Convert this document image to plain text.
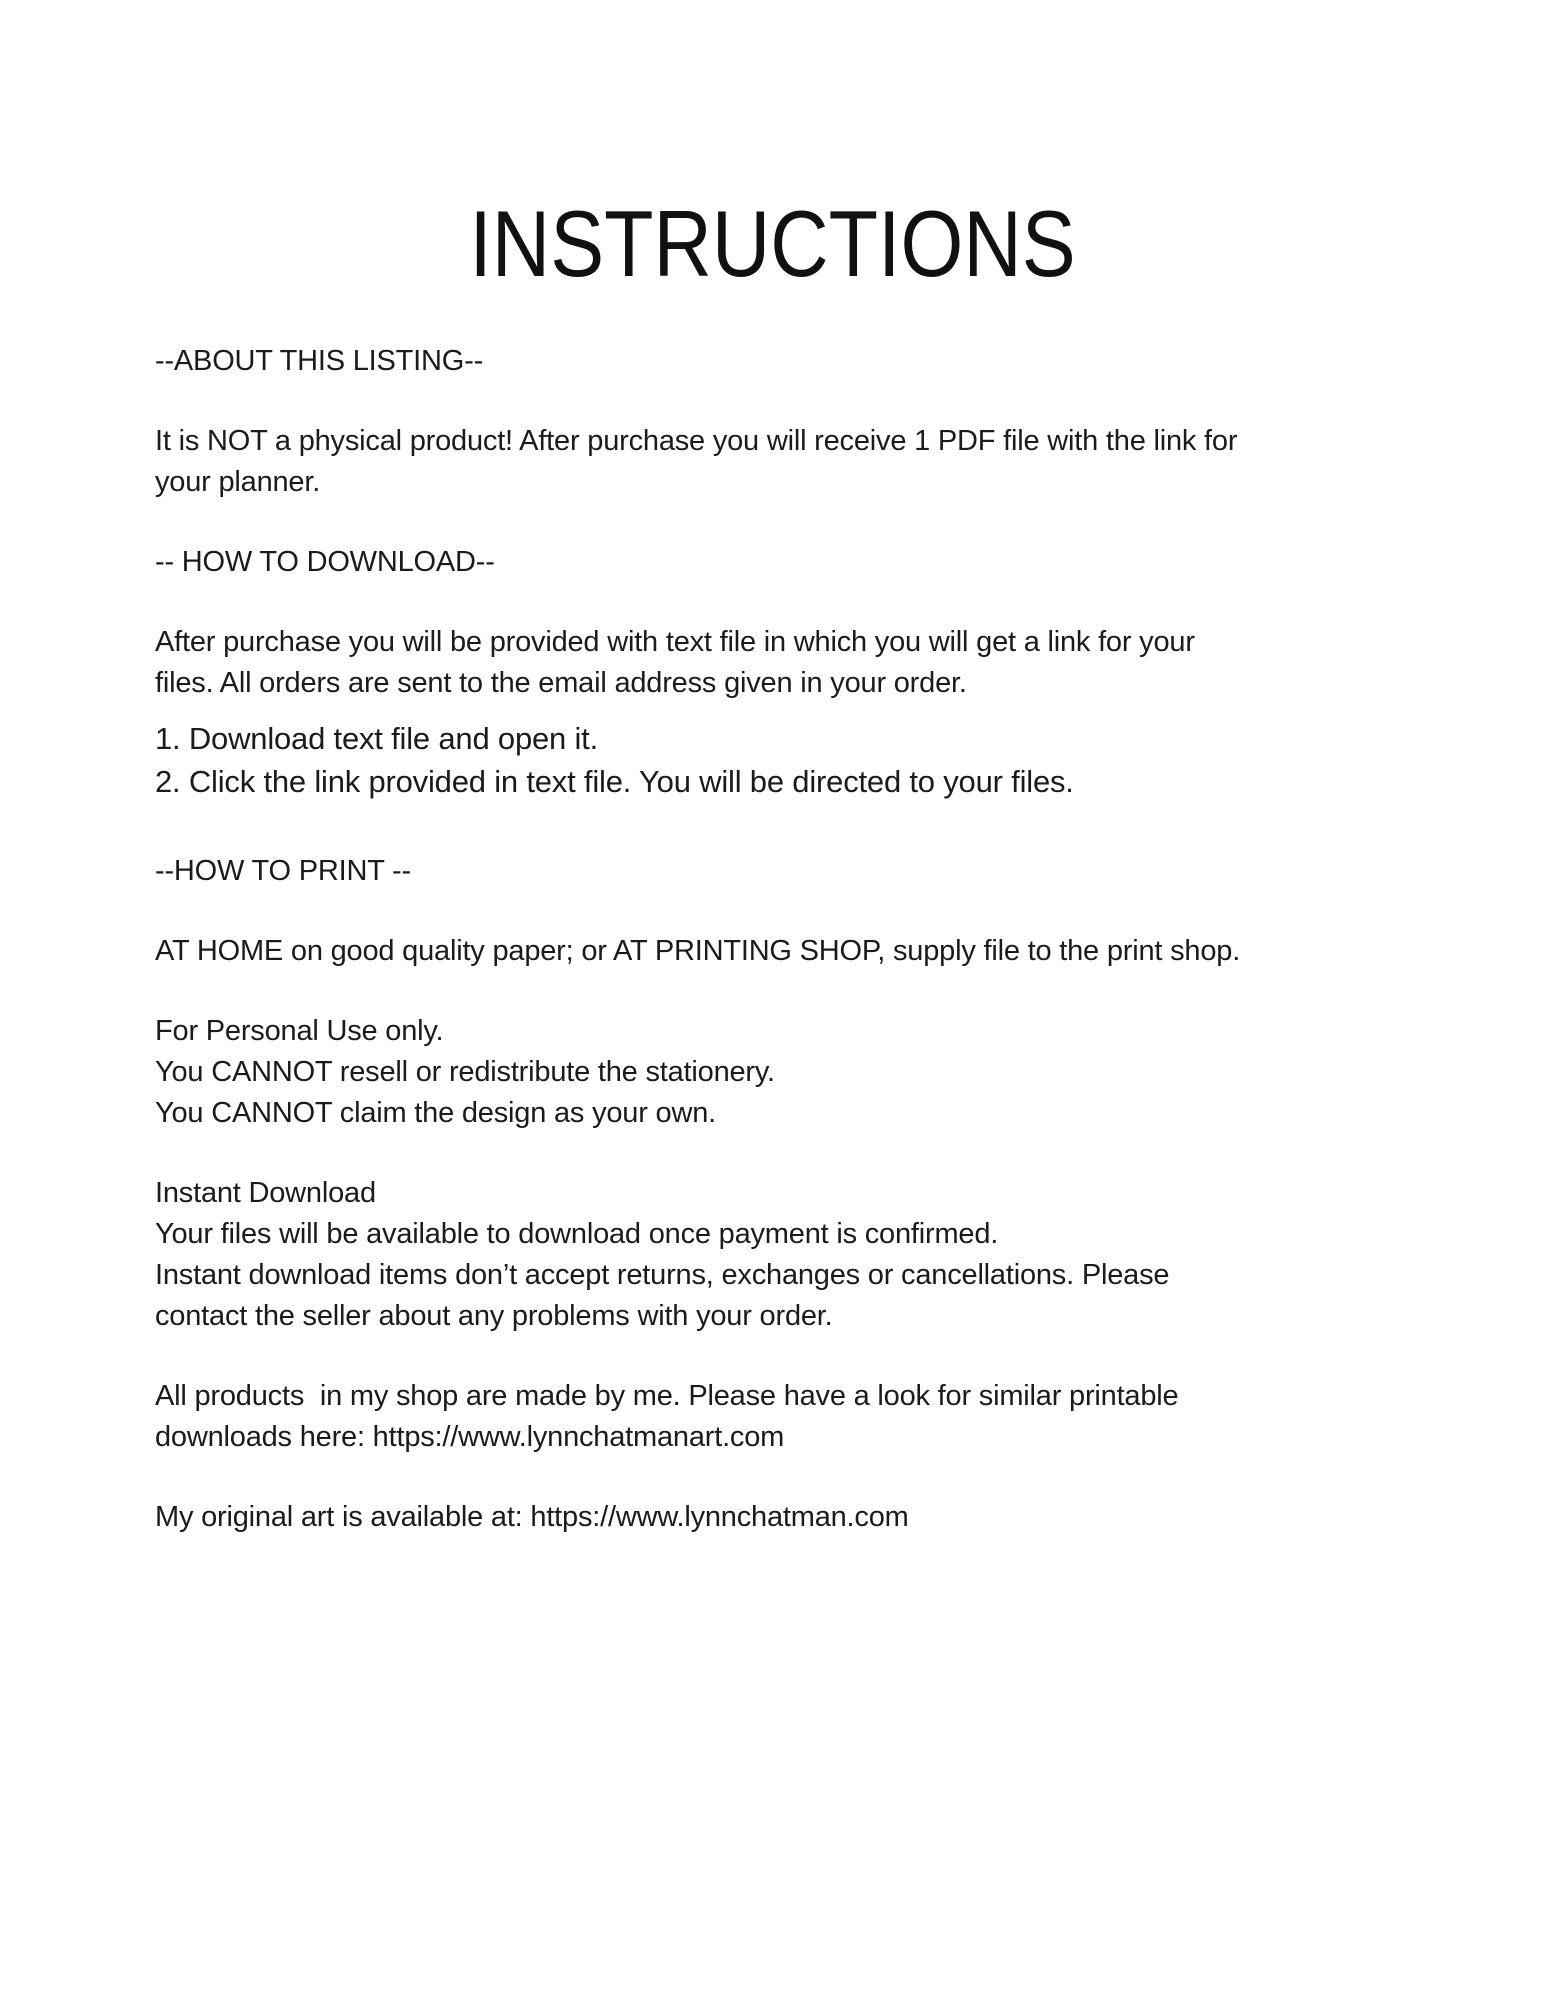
INSTRUCTIONS
--ABOUT THIS LISTING--
It is NOT a physical product! After purchase you will receive 1 PDF file with the link for
your planner.
-- HOW TO DOWNLOAD--
After purchase you will be provided with text file in which you will get a link for your
files. All orders are sent to the email address given in your order.
1. Download text file and open it.
2. Click the link provided in text file. You will be directed to your files.
--HOW TO PRINT --
AT HOME on good quality paper; or AT PRINTING SHOP, supply file to the print shop.
For Personal Use only.
You CANNOT resell or redistribute the stationery.
You CANNOT claim the design as your own.
Instant Download
Your files will be available to download once payment is confirmed.
Instant download items don’t accept returns, exchanges or cancellations. Please
contact the seller about any problems with your order.
All products  in my shop are made by me. Please have a look for similar printable
downloads here: https://www.lynnchatmanart.com
My original art is available at: https://www.lynnchatman.com
